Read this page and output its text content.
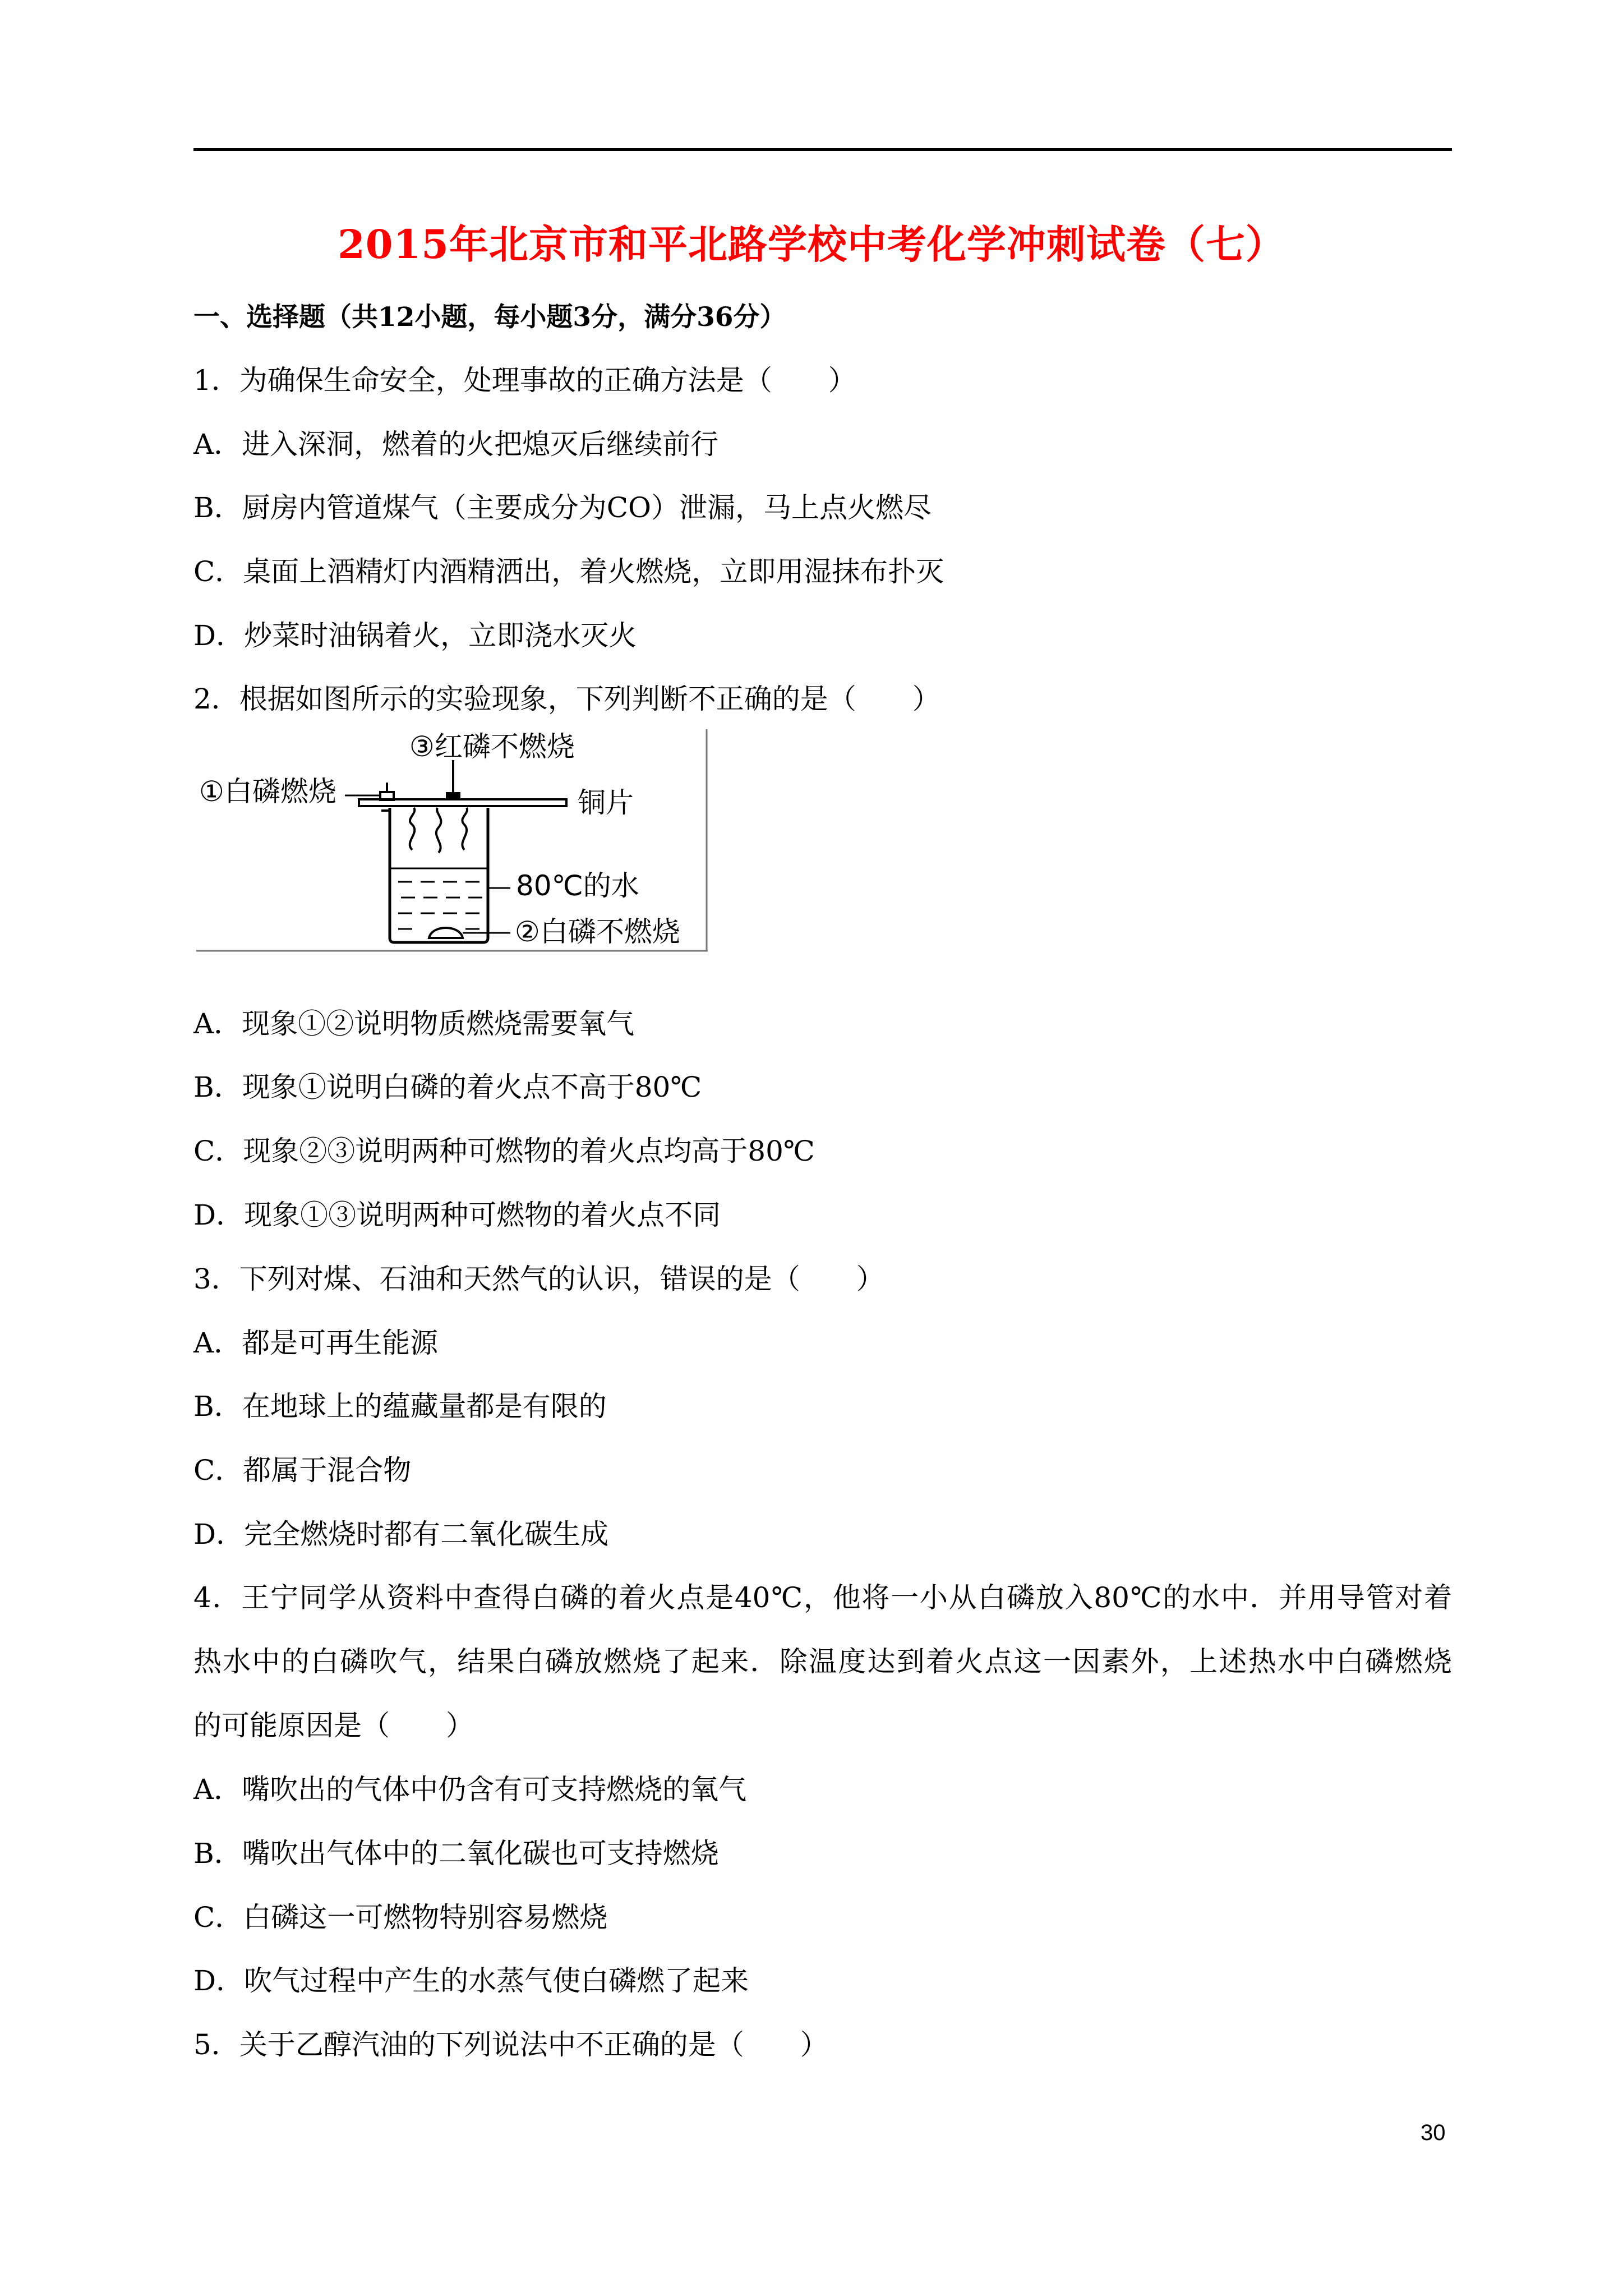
2015年北京市和平北路学校中考化学冲刺试卷（七）
一、选择题（共12小题，每小题3分，满分36分）
1．为确保生命安全，处理事故的正确方法是（　　）
A．进入深洞，燃着的火把熄灭后继续前行
B．厨房内管道煤气（主要成分为CO）泄漏，马上点火燃尽
C．桌面上酒精灯内酒精洒出，着火燃烧，立即用湿抹布扑灭
D．炒菜时油锅着火，立即浇水灭火
2．根据如图所示的实验现象，下列判断不正确的是（　　）
③红磷不燃烧
①白磷燃烧	铜片
80℃的水
②白磷不燃烧
A．现象①②说明物质燃烧需要氧气
B．现象①说明白磷的着火点不高于80℃
C．现象②③说明两种可燃物的着火点均高于80℃
D．现象①③说明两种可燃物的着火点不同
3．下列对煤、石油和天然气的认识，错误的是（　　）
A．都是可再生能源
B．在地球上的蕴藏量都是有限的
C．都属于混合物
D．完全燃烧时都有二氧化碳生成
4．王宁同学从资料中查得白磷的着火点是40℃，他将一小从白磷放入80℃的水中．并用导管对着
热水中的白磷吹气，结果白磷放燃烧了起来．除温度达到着火点这一因素外，上述热水中白磷燃烧
的可能原因是（　　）
A．嘴吹出的气体中仍含有可支持燃烧的氧气
B．嘴吹出气体中的二氧化碳也可支持燃烧
C．白磷这一可燃物特别容易燃烧
D．吹气过程中产生的水蒸气使白磷燃了起来
5．关于乙醇汽油的下列说法中不正确的是（　　）
30
